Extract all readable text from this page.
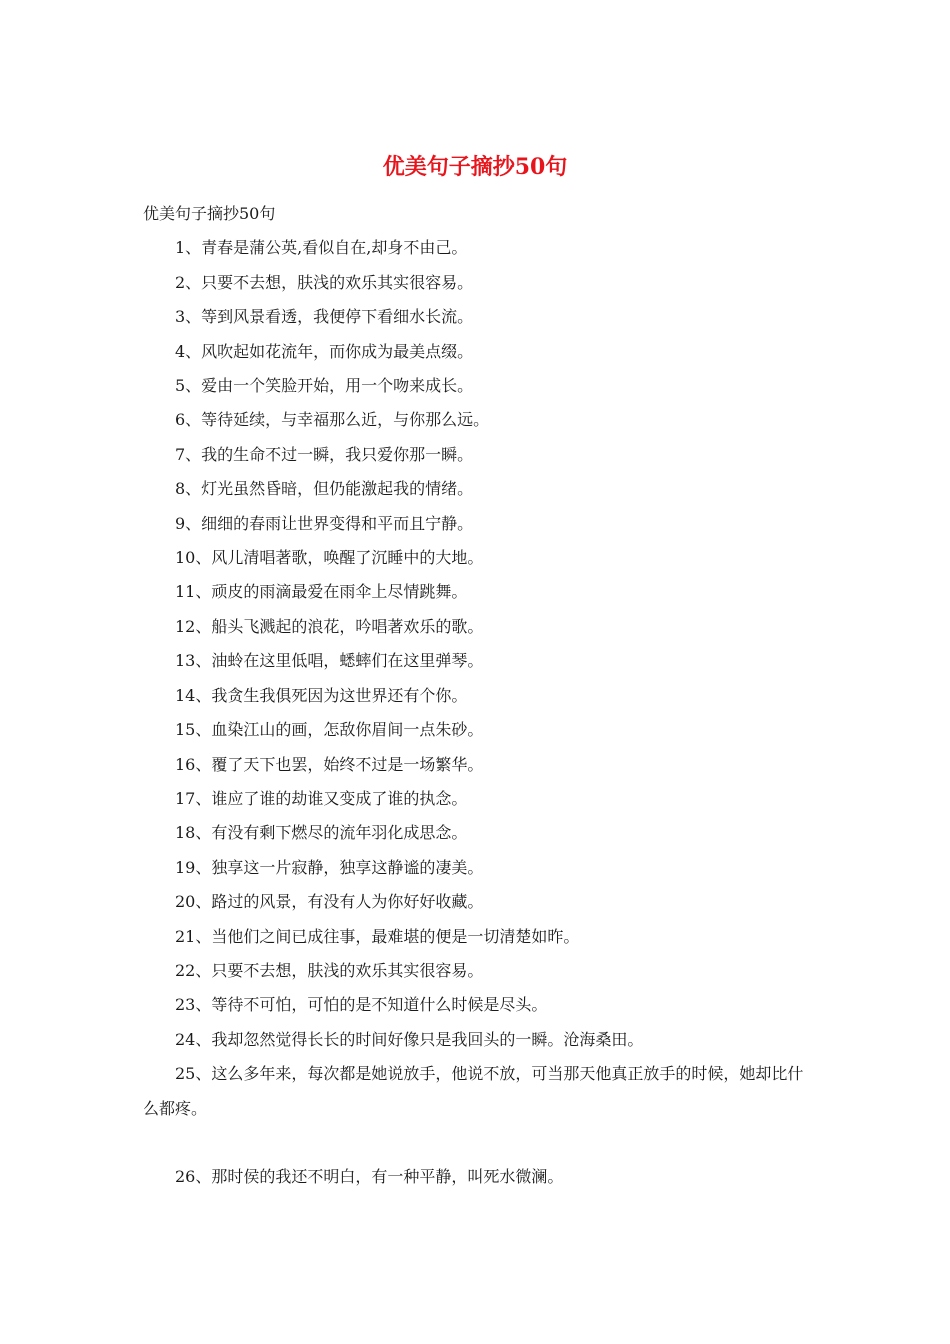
优美句子摘抄50句
优美句子摘抄50句

1、青春是蒲公英,看似自在,却身不由己。

2、只要不去想，肤浅的欢乐其实很容易。

3、等到风景看透，我便停下看细水长流。

4、风吹起如花流年，而你成为最美点缀。

5、爱由一个笑脸开始，用一个吻来成长。

6、等待延续，与幸福那么近，与你那么远。

7、我的生命不过一瞬，我只爱你那一瞬。

8、灯光虽然昏暗，但仍能激起我的情绪。

9、细细的春雨让世界变得和平而且宁静。

10、风儿清唱著歌，唤醒了沉睡中的大地。

11、顽皮的雨滴最爱在雨伞上尽情跳舞。

12、船头飞溅起的浪花，吟唱著欢乐的歌。

13、油蛉在这里低唱，蟋蟀们在这里弹琴。

14、我贪生我俱死因为这世界还有个你。

15、血染江山的画，怎敌你眉间一点朱砂。

16、覆了天下也罢，始终不过是一场繁华。

17、谁应了谁的劫谁又变成了谁的执念。

18、有没有剩下燃尽的流年羽化成思念。

19、独享这一片寂静，独享这静谧的凄美。

20、路过的风景，有没有人为你好好收藏。

21、当他们之间已成往事，最难堪的便是一切清楚如昨。

22、只要不去想，肤浅的欢乐其实很容易。

23、等待不可怕，可怕的是不知道什么时候是尽头。

24、我却忽然觉得长长的时间好像只是我回头的一瞬。沧海桑田。

25、这么多年来，每次都是她说放手，他说不放，可当那天他真正放手的时候，她却比什么都疼。

26、那时侯的我还不明白，有一种平静，叫死水微澜。
